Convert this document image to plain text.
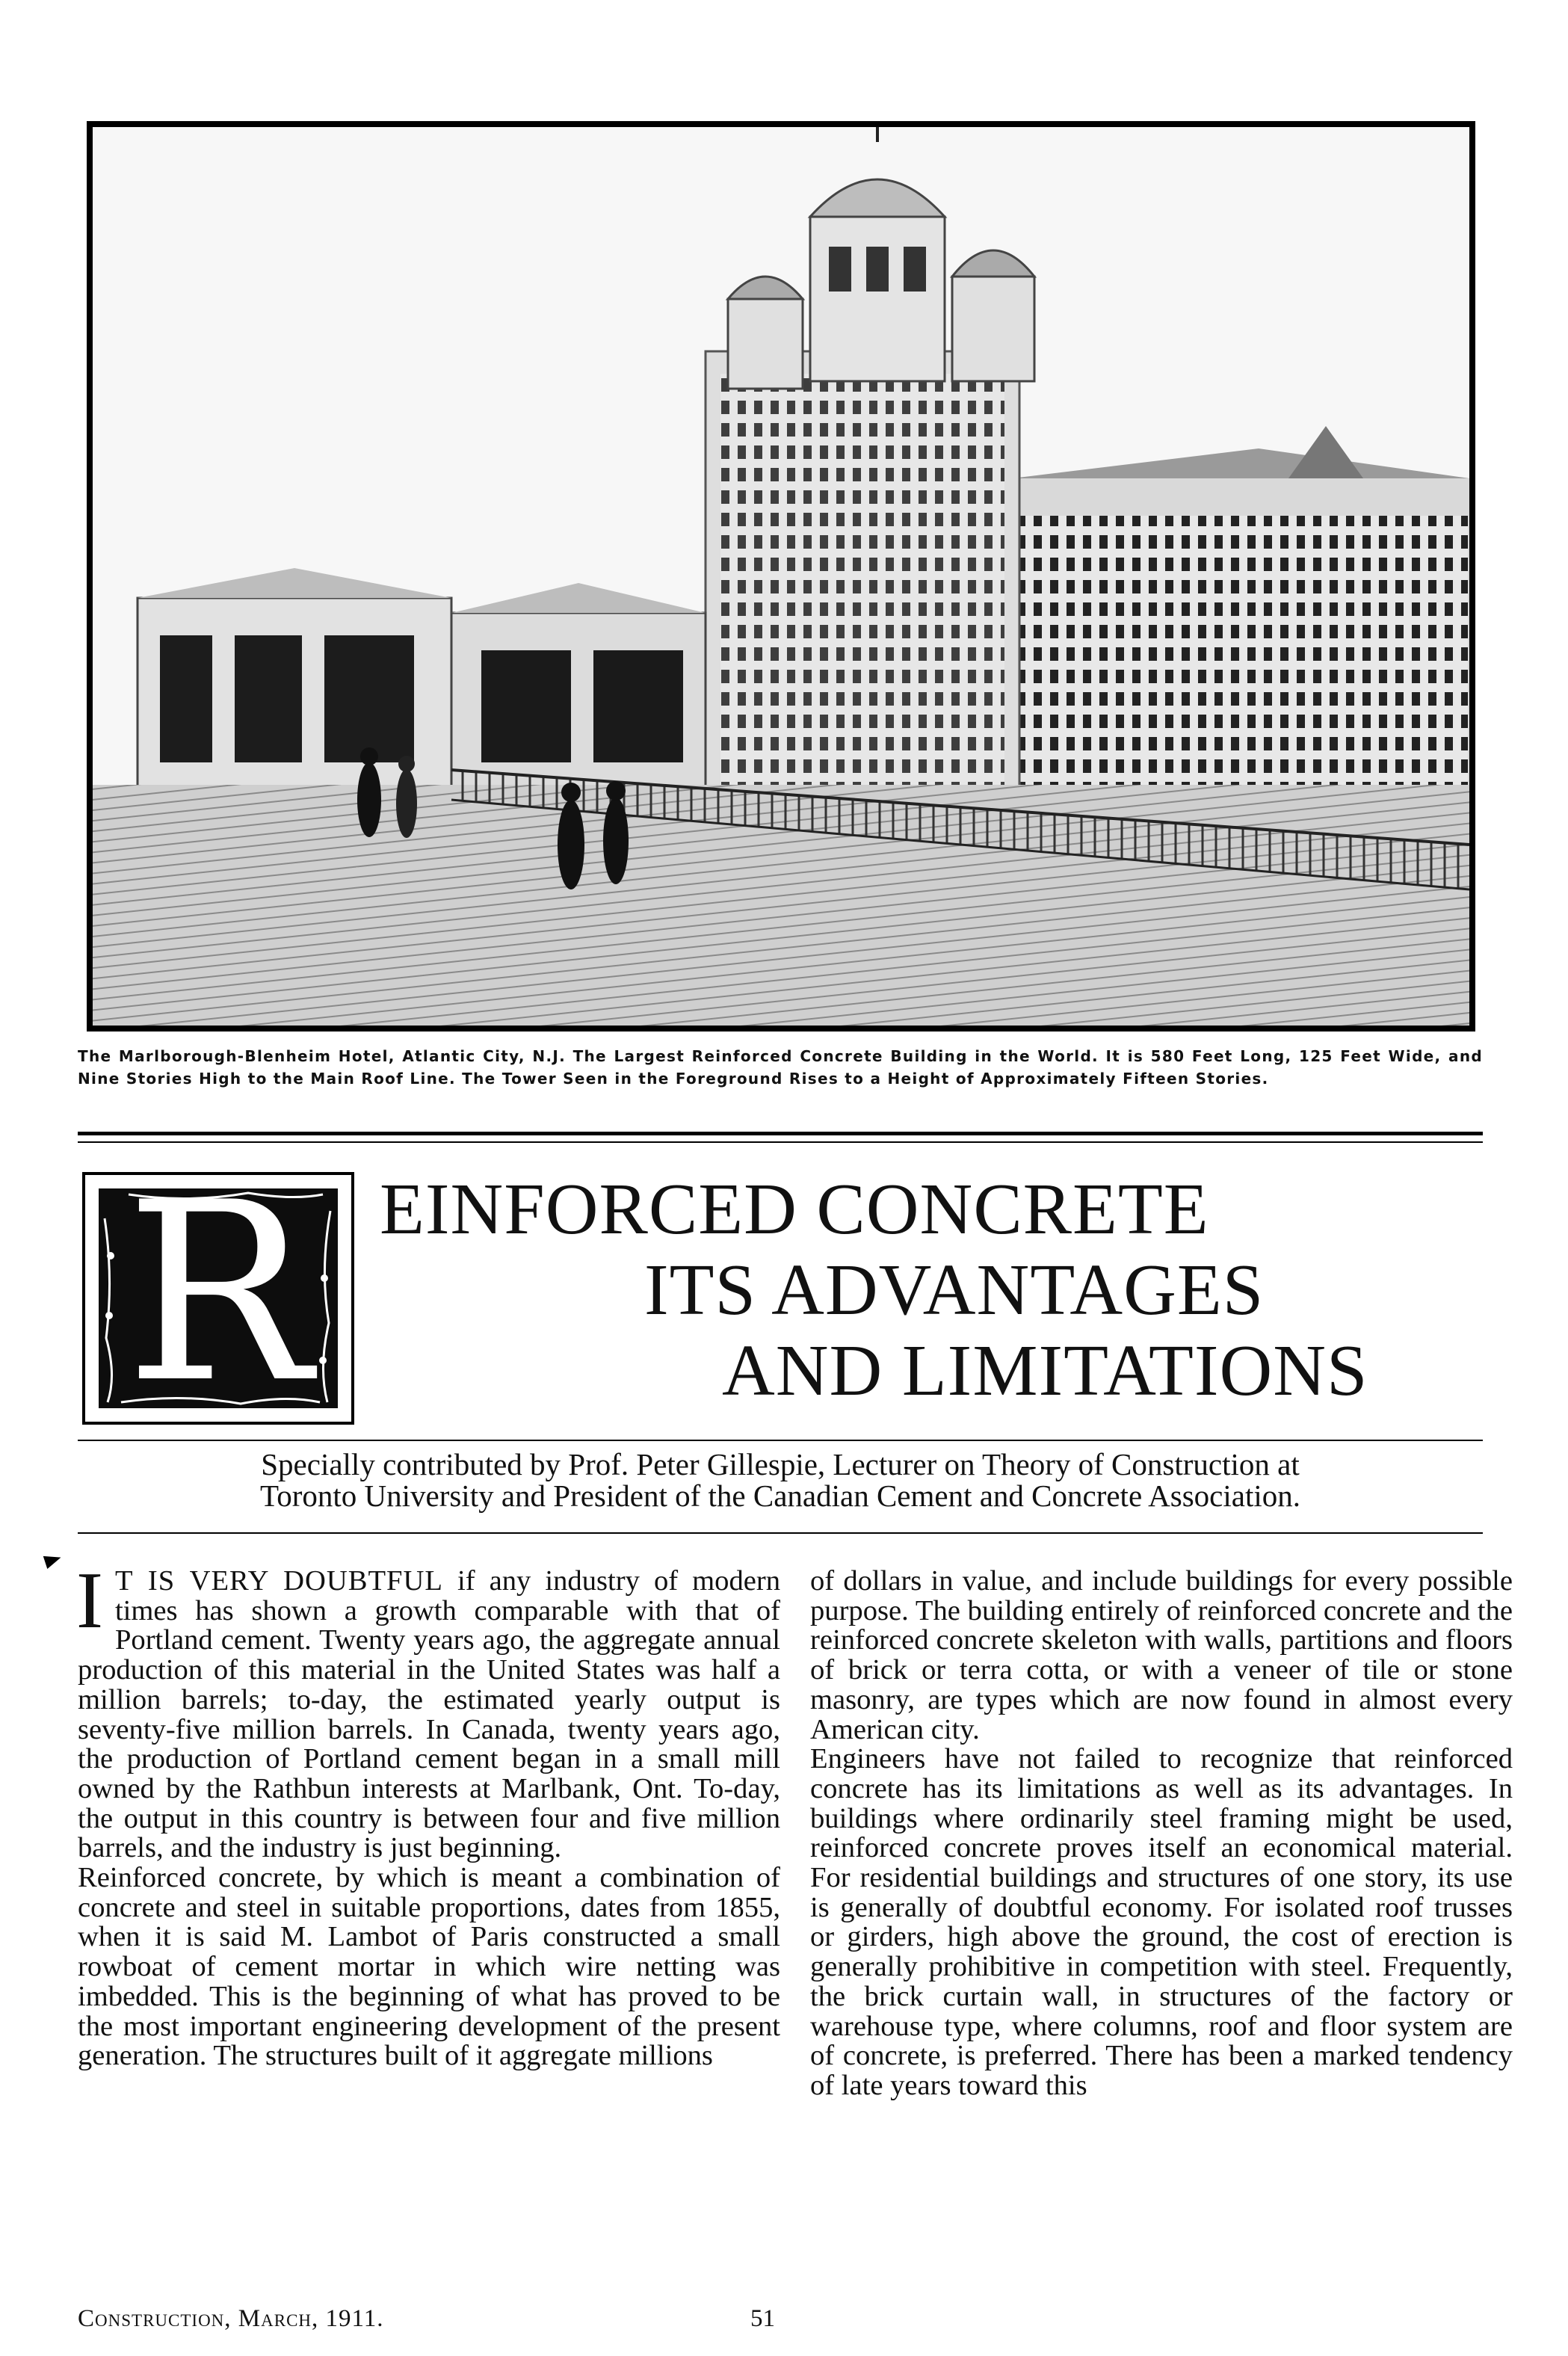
The Marlborough-Blenheim Hotel, Atlantic City, N.J. The Largest Reinforced Concrete Building in the World. It is 580 Feet Long, 125 Feet Wide, and Nine Stories High to the Main Roof Line. The Tower Seen in the Foreground Rises to a Height of Approximately Fifteen Stories.

R EINFORCED CONCRETE
ITS ADVANTAGES
AND LIMITATIONS

Specially contributed by Prof. Peter Gillespie, Lecturer on Theory of Construction at
Toronto University and President of the Canadian Cement and Concrete Association.

I T IS VERY DOUBTFUL if any industry of modern times has shown a growth comparable with that of Portland cement. Twenty years ago, the aggregate annual production of this material in the United States was half a million barrels; to-day, the estimated yearly output is seventy-five million barrels. In Canada, twenty years ago, the production of Portland cement began in a small mill owned by the Rathbun interests at Marlbank, Ont. To-day, the output in this country is between four and five million barrels, and the industry is just beginning.

Reinforced concrete, by which is meant a combination of concrete and steel in suitable proportions, dates from 1855, when it is said M. Lambot of Paris constructed a small rowboat of cement mortar in which wire netting was imbedded. This is the beginning of what has proved to be the most important engineering development of the present generation. The structures built of it aggregate millions

of dollars in value, and include buildings for every possible purpose. The building entirely of reinforced concrete and the reinforced concrete skeleton with walls, partitions and floors of brick or terra cotta, or with a veneer of tile or stone masonry, are types which are now found in almost every American city.

Engineers have not failed to recognize that reinforced concrete has its limitations as well as its advantages. In buildings where ordinarily steel framing might be used, reinforced concrete proves itself an economical material. For residential buildings and structures of one story, its use is generally of doubtful economy. For isolated roof trusses or girders, high above the ground, the cost of erection is generally prohibitive in competition with steel. Frequently, the brick curtain wall, in structures of the factory or warehouse type, where columns, roof and floor system are of concrete, is preferred. There has been a marked tendency of late years toward this

Construction, March, 1911.	51
